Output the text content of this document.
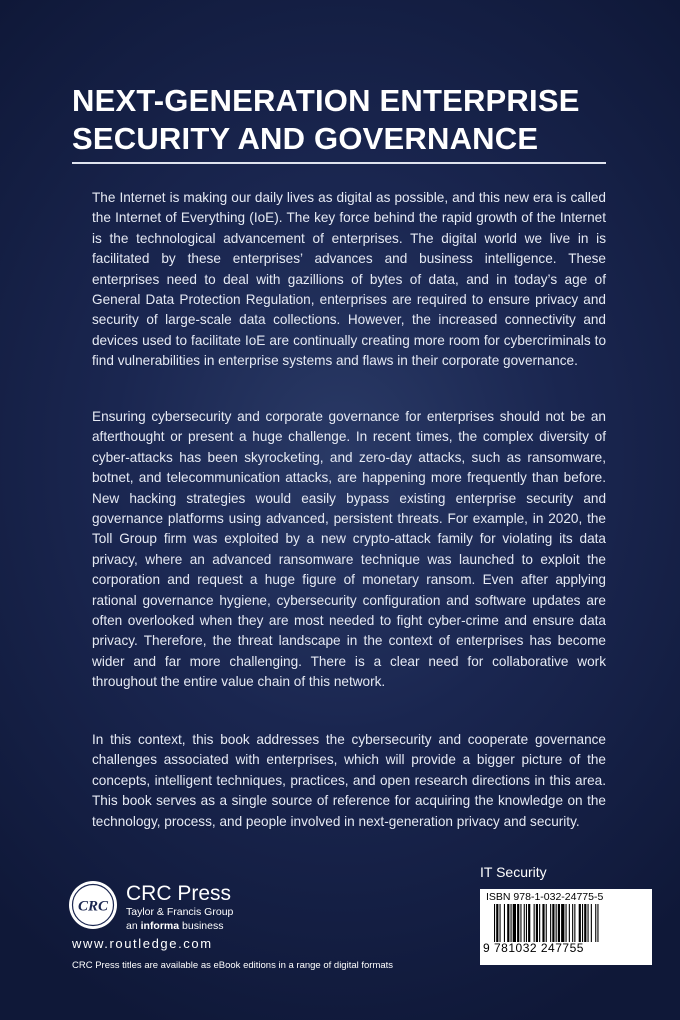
NEXT-GENERATION ENTERPRISE
SECURITY AND GOVERNANCE
The Internet is making our daily lives as digital as possible, and this new era is called the Internet of Everything (IoE). The key force behind the rapid growth of the Internet is the technological advancement of enterprises. The digital world we live in is facilitated by these enterprises’ advances and business intelligence. These enterprises need to deal with gazillions of bytes of data, and in today’s age of General Data Protection Regulation, enterprises are required to ensure privacy and security of large-scale data collections. However, the increased connectivity and devices used to facilitate IoE are continually creating more room for cybercriminals to find vulnerabilities in enterprise systems and flaws in their corporate governance.
Ensuring cybersecurity and corporate governance for enterprises should not be an afterthought or present a huge challenge. In recent times, the complex diversity of cyber-attacks has been skyrocketing, and zero-day attacks, such as ransomware, botnet, and telecommunication attacks, are happening more frequently than before. New hacking strategies would easily bypass existing enterprise security and governance platforms using advanced, persistent threats. For example, in 2020, the Toll Group firm was exploited by a new crypto-attack family for violating its data privacy, where an advanced ransomware technique was launched to exploit the corporation and request a huge figure of monetary ransom. Even after applying rational governance hygiene, cybersecurity configuration and software updates are often overlooked when they are most needed to fight cyber-crime and ensure data privacy. Therefore, the threat landscape in the context of enterprises has become wider and far more challenging. There is a clear need for collaborative work throughout the entire value chain of this network.
In this context, this book addresses the cybersecurity and cooperate governance challenges associated with enterprises, which will provide a bigger picture of the concepts, intelligent techniques, practices, and open research directions in this area. This book serves as a single source of reference for acquiring the knowledge on the technology, process, and people involved in next-generation privacy and security.
IT Security
ISBN 978-1-032-24775-5
9 781032 247755
CRC
CRC Press
Taylor & Francis Group
an informa business
www.routledge.com
CRC Press titles are available as eBook editions in a range of digital formats
